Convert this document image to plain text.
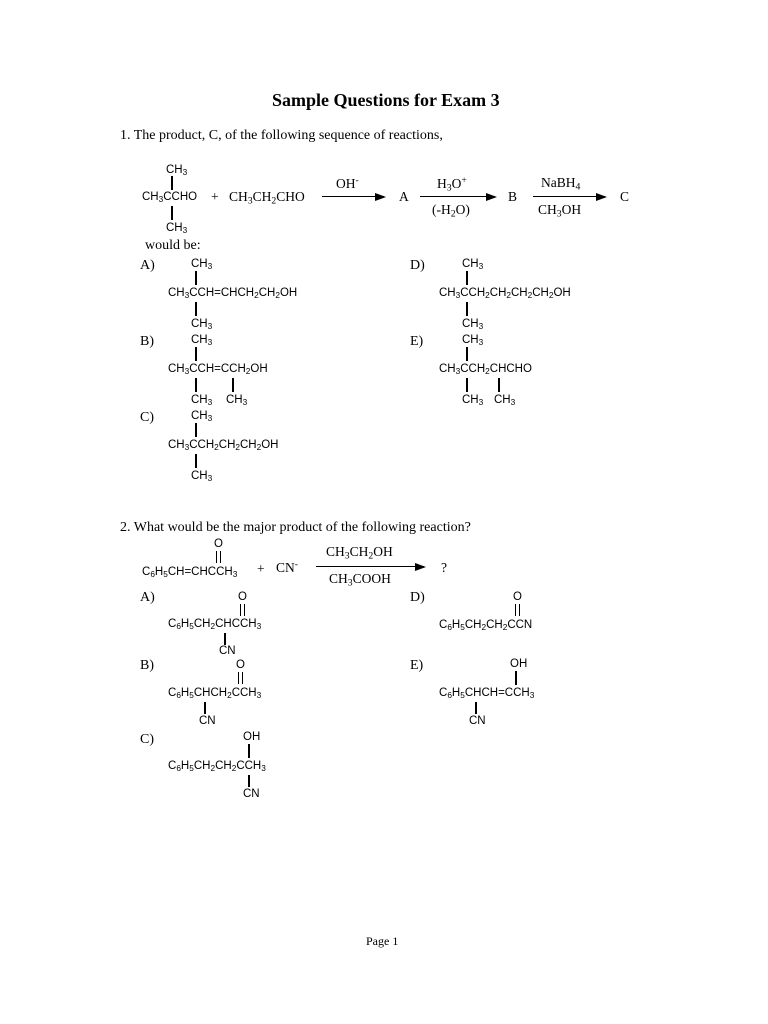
Sample Questions for Exam 3
1. The product, C, of the following sequence of reactions,
$CH_3$
$CH_3CCHO$
$CH_3$
+ $CH_3CH_2CHO$
OH-
→ A
$H_3O^+$
$(-H_2O)$
B
NaBH$_4$
$CH_3OH$
C
would be:
A)	$CH_3$
$CH_3CCH=CHCH_2CH_2OH$
$CH_3$
B)	$CH_3$
$CH_3CCH=CCH_2OH$
$CH_3$ $CH_3$
C)	$CH_3$
$CH_3CCH_2CH_2CH_2OH$
$CH_3$
D)	$CH_3$
$CH_3CCH_2CH_2CH_2CH_2OH$
$CH_3$
E)	$CH_3$
$CH_3CCH_2CHCHO$
$CH_3$ $CH_3$
2. What would be the major product of the following reaction?
O
$C_6H_5CH=CHCCH_3 + CN^-$
$CH_3CH_2OH$
$CH_3COOH$
?
A)	O
$C_6H_5CH_2CHCCH_3$
CN
B)	O
$C_6H_5CHCH_2CCH_3$
CN
C)	OH
$C_6H_5CH_2CH_2CCH_3$
CN
D)	O
$C_6H_5CH_2CH_2CCN$
E)	OH
$C_6H_5CHCH=CCH_3$
CN
Page 1
